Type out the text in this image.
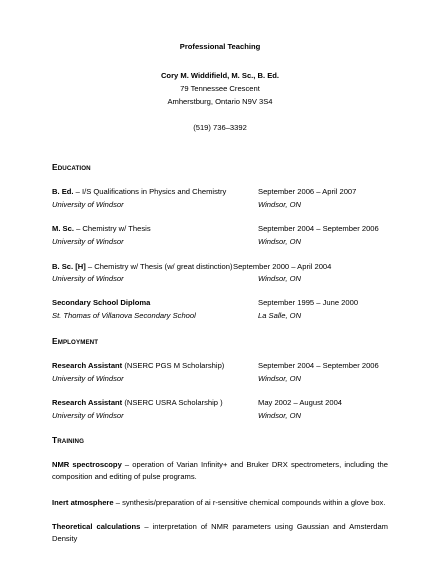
Professional Teaching
Cory M. Widdifield, M. Sc., B. Ed.
79 Tennessee Crescent
Amherstburg, Ontario N9V 3S4
(519) 736–3392
EDUCATION
B. Ed. – I/S Qualifications in Physics and Chemistry	September 2006 – April 2007
University of Windsor	Windsor, ON
M. Sc. – Chemistry w/ Thesis	September 2004 – September 2006
University of Windsor	Windsor, ON
B. Sc. [H] – Chemistry w/ Thesis (w/ great distinction) September 2000 – April 2004
University of Windsor	Windsor, ON
Secondary School Diploma	September 1995 – June 2000
St. Thomas of Villanova Secondary School	La Salle, ON
EMPLOYMENT
Research Assistant (NSERC PGS M Scholarship)	September 2004 – September 2006
University of Windsor	Windsor, ON
Research Assistant (NSERC USRA Scholarship )	May 2002 – August 2004
University of Windsor	Windsor, ON
TRAINING
NMR spectroscopy – operation of Varian Infinity+ and Bruker DRX spectrometers, including the
composition and editing of pulse programs.
Inert atmosphere – synthesis/preparation of ai r-sensitive chemical compounds within a glove box.
Theoretical calculations – interpretation of NMR parameters using Gaussian and Amsterdam Density
